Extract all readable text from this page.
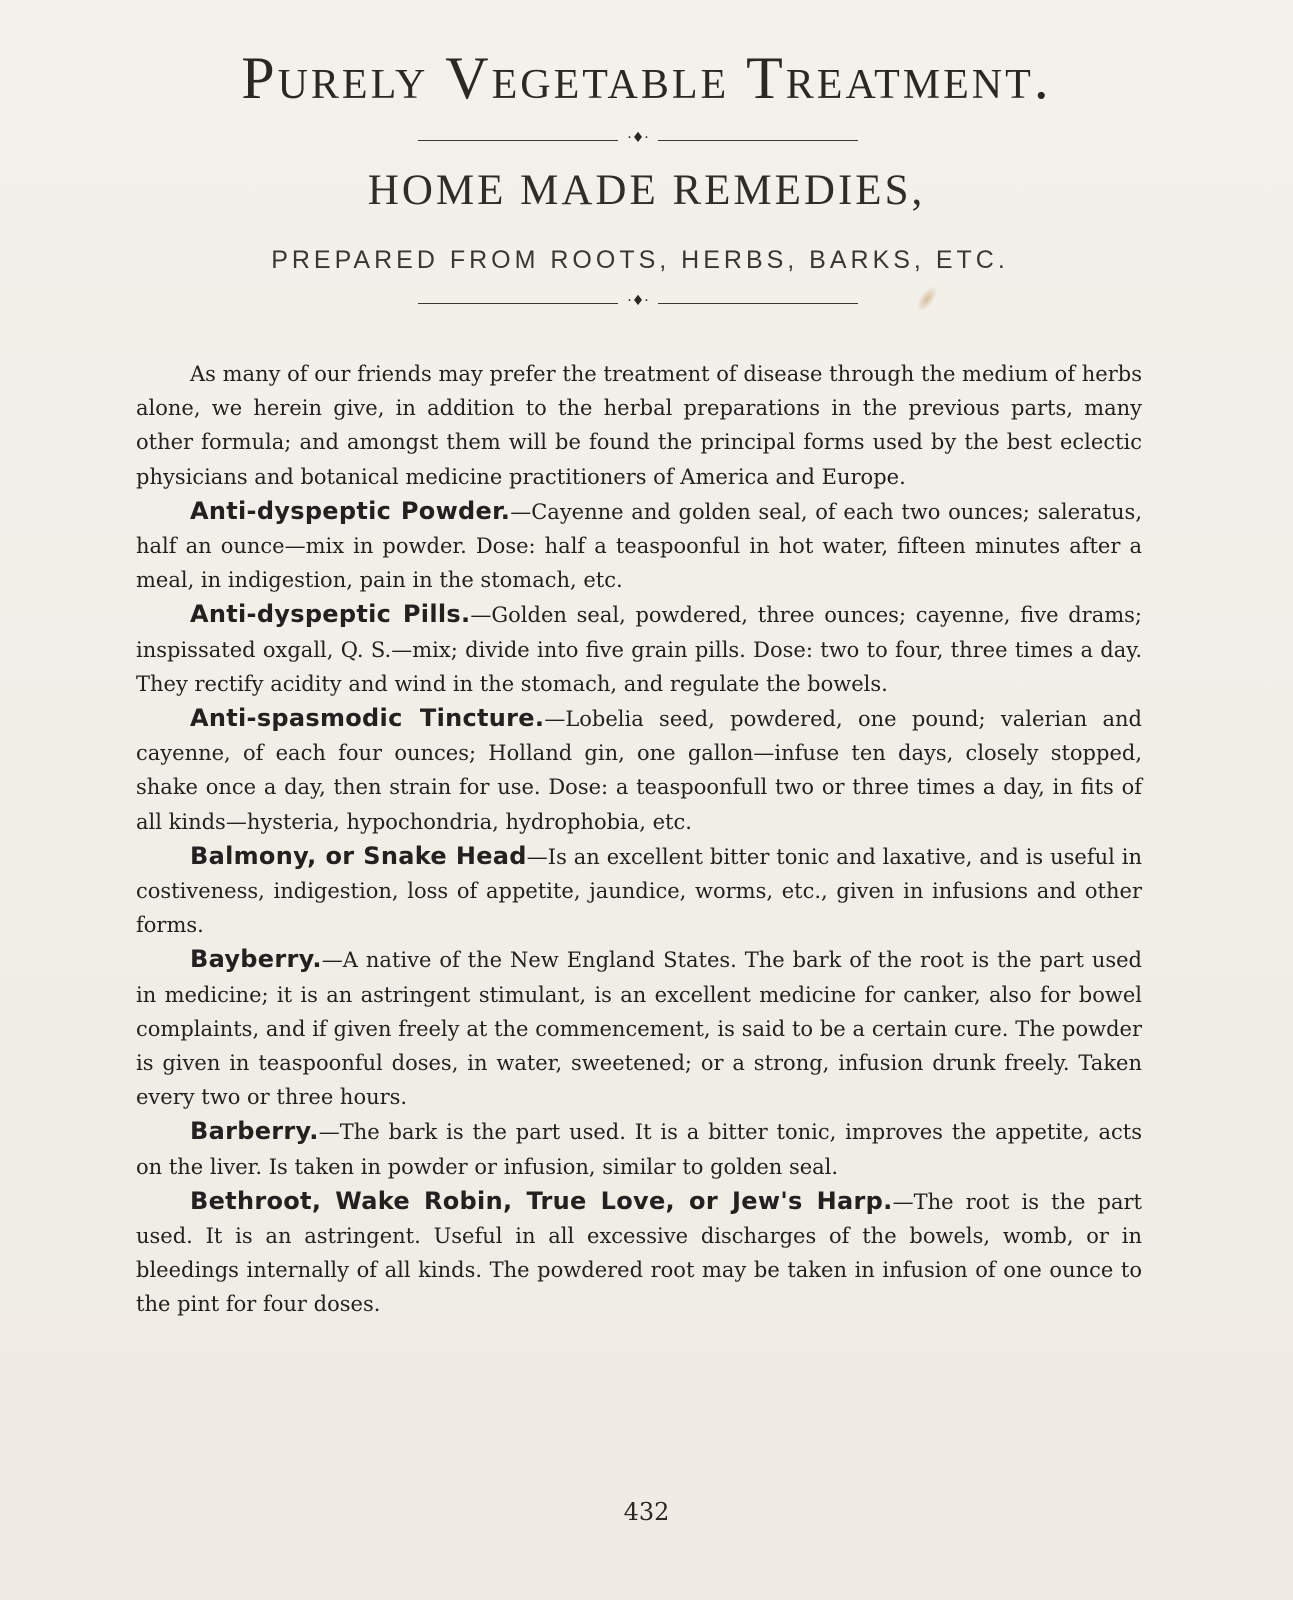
Purely Vegetable Treatment.
·♦·
HOME MADE REMEDIES,
PREPARED FROM ROOTS, HERBS, BARKS, ETC.
·♦·

As many of our friends may prefer the treatment of disease through the medium of herbs alone, we herein give, in addition to the herbal preparations in the previous parts, many other formula; and amongst them will be found the principal forms used by the best eclectic physicians and botanical medicine practitioners of America and Europe.

Anti-dyspeptic Powder.—Cayenne and golden seal, of each two ounces; saleratus, half an ounce—mix in powder. Dose: half a teaspoonful in hot water, fifteen minutes after a meal, in indigestion, pain in the stomach, etc.

Anti-dyspeptic Pills.—Golden seal, powdered, three ounces; cayenne, five drams; inspissated oxgall, Q. S.—mix; divide into five grain pills. Dose: two to four, three times a day. They rectify acidity and wind in the stomach, and regulate the bowels.

Anti-spasmodic Tincture.—Lobelia seed, powdered, one pound; valerian and cayenne, of each four ounces; Holland gin, one gallon—infuse ten days, closely stopped, shake once a day, then strain for use. Dose: a teaspoonfull two or three times a day, in fits of all kinds—hysteria, hypochondria, hydrophobia, etc.

Balmony, or Snake Head—Is an excellent bitter tonic and laxative, and is useful in costiveness, indigestion, loss of appetite, jaundice, worms, etc., given in infusions and other forms.

Bayberry.—A native of the New England States. The bark of the root is the part used in medicine; it is an astringent stimulant, is an excellent medicine for canker, also for bowel complaints, and if given freely at the commencement, is said to be a certain cure. The powder is given in teaspoonful doses, in water, sweetened; or a strong, infusion drunk freely. Taken every two or three hours.

Barberry.—The bark is the part used. It is a bitter tonic, improves the appetite, acts on the liver. Is taken in powder or infusion, similar to golden seal.

Bethroot, Wake Robin, True Love, or Jew's Harp.—The root is the part used. It is an astringent. Useful in all excessive discharges of the bowels, womb, or in bleedings internally of all kinds. The powdered root may be taken in infusion of one ounce to the pint for four doses.

432
